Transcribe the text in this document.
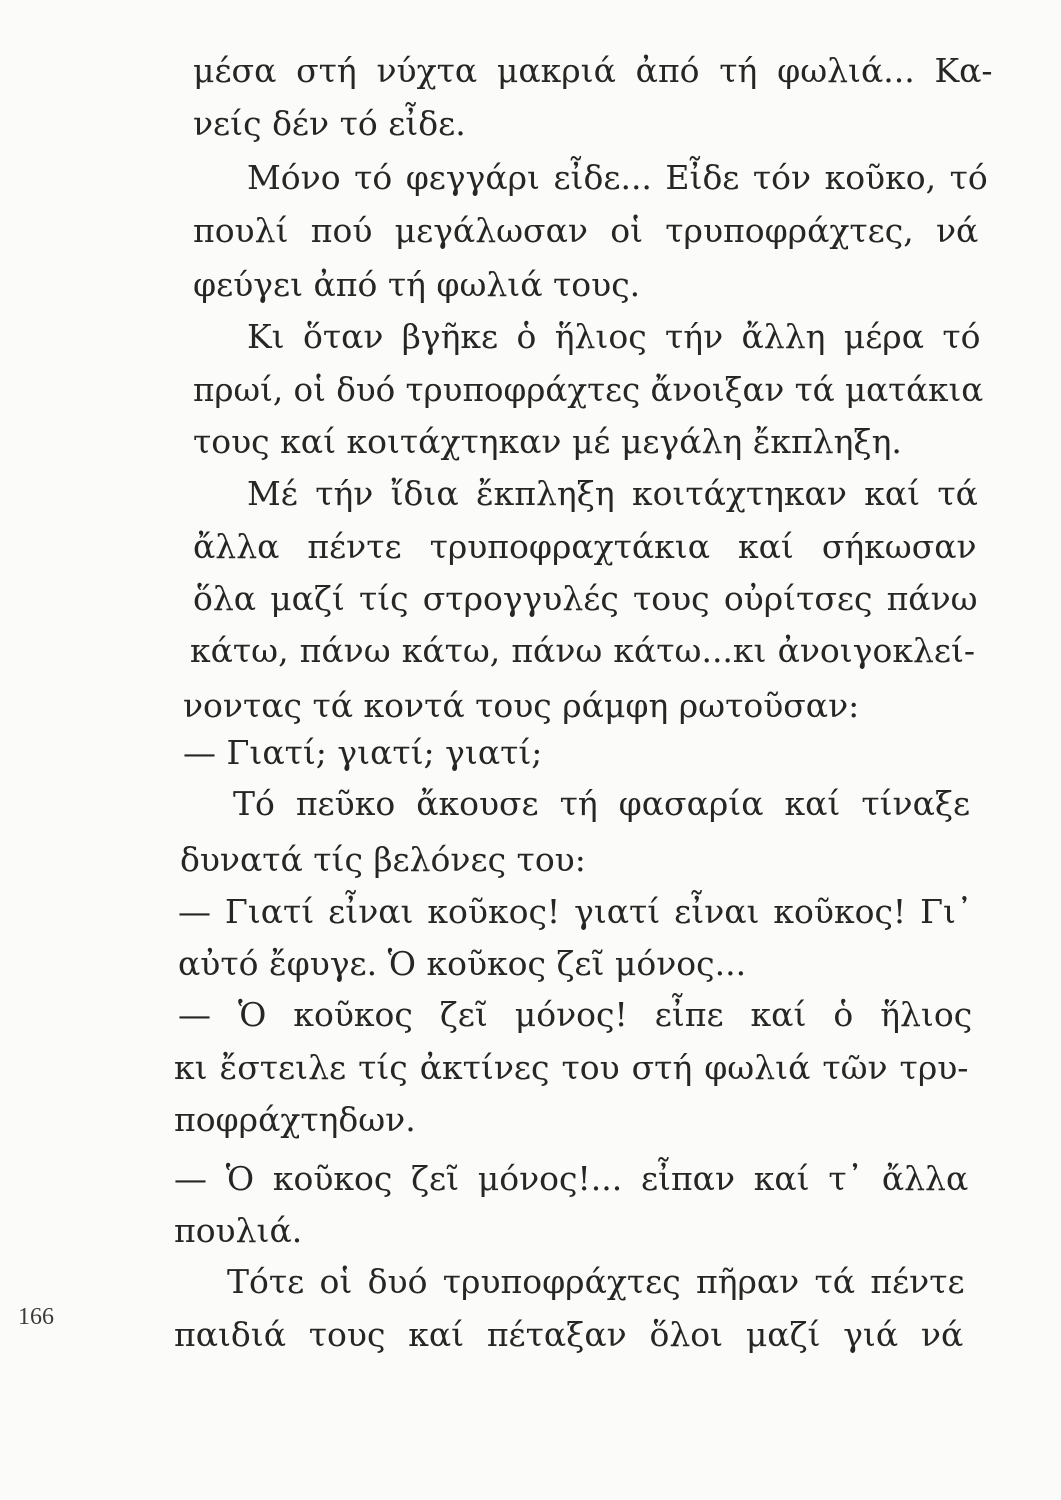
μέσα στή νύχτα μακριά ἀπό τή φωλιά... Κα-
νείς δέν τό εἶδε.
Μόνο τό φεγγάρι εἶδε... Εἶδε τόν κοῦκο, τό
πουλί πού μεγάλωσαν οἱ τρυποφράχτες, νά
φεύγει ἀπό τή φωλιά τους.
Κι ὅταν βγῆκε ὁ ἥλιος τήν ἄλλη μέρα τό
πρωί, οἱ δυό τρυποφράχτες ἄνοιξαν τά ματάκια
τους καί κοιτάχτηκαν μέ μεγάλη ἔκπληξη.
Μέ τήν ἴδια ἔκπληξη κοιτάχτηκαν καί τά
ἄλλα πέντε τρυποφραχτάκια καί σήκωσαν
ὅλα μαζί τίς στρογγυλές τους οὐρίτσες πάνω
κάτω, πάνω κάτω, πάνω κάτω...κι ἀνοιγοκλεί-
νοντας τά κοντά τους ράμφη ρωτοῦσαν:
— Γιατί; γιατί; γιατί;
Τό πεῦκο ἄκουσε τή φασαρία καί τίναξε
δυνατά τίς βελόνες του:
— Γιατί εἶναι κοῦκος! γιατί εἶναι κοῦκος! Γι᾽
αὐτό ἔφυγε. Ὁ κοῦκος ζεῖ μόνος...
— Ὁ κοῦκος ζεῖ μόνος! εἶπε καί ὁ ἥλιος
κι ἔστειλε τίς ἀκτίνες του στή φωλιά τῶν τρυ-
ποφράχτηδων.
— Ὁ κοῦκος ζεῖ μόνος!... εἶπαν καί τ᾽ ἄλλα
πουλιά.
Τότε οἱ δυό τρυποφράχτες πῆραν τά πέντε
παιδιά τους καί πέταξαν ὅλοι μαζί γιά νά
166
